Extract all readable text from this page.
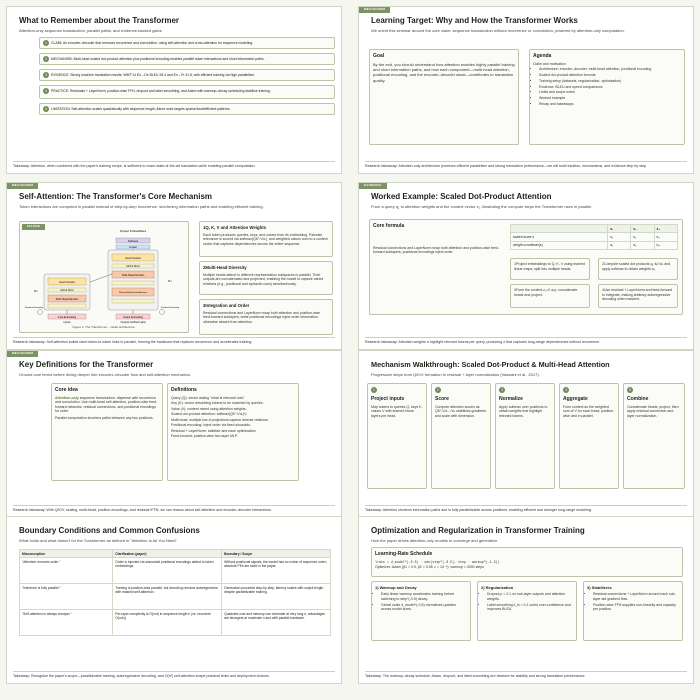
What to Remember about the Transformer
Attention-only sequence transduction, parallel paths, and evidence-backed gains
1 CLAIM: An encoder–decoder that removes recurrence and convolution, using self-attention and cross-attention for sequence modeling.
2 MECHANISM: Multi-head scaled dot-product attention plus positional encoding enables parallel token interactions and short information paths.
3 EVIDENCE: Strong machine translation results: WMT'14 En→De BLEU 28.4 and En→Fr 41.8, with efficient training via high parallelism.
4 PRACTICE: Residuals + LayerNorm, position-wise FFN, dropout and label smoothing, and Adam with warmup–decay scheduling stabilize training.
5 LIMITATION: Self-attention scales quadratically with sequence length; future work targets sparse/local/efficient patterns.
Takeaway: Attention, when combined with the paper's training recipe, is sufficient to reach state-of-the-art translation while enabling parallel computation.
MECHANISM
Learning Target: Why and How the Transformer Works
We orient this seminar around the core claim: sequence transduction without recurrence or convolution, powered by attention-only computation.
Goal

By the end, you should understand how attention enables highly parallel training and short information paths, and how each component—multi-head attention, positional encoding, and the encoder–decoder stack—contributes to translation quality.

Agenda

Claim and motivation

• Architecture: encoder–decoder, multi-head attention, positional encoding
• Scaled dot-product attention formula
• Training setup (datasets, regularization, optimization)
• Evidence: BLEU and speed comparisons
• Limits and scope notes
• Worked example
• Recap and takeaways
Research takeaway: Attention-only architecture promises efficient parallelism and strong translation performance—we will build intuition, mechanisms, and evidence step by step.
MECHANISM
Self-Attention: The Transformer's Core Mechanism
Token interactions are computed in parallel instead of step-by-step recurrence, shortening information paths and enabling efficient training.
FIGURE
Output Probabilities
Softmax
Linear
Feed Forward
Add & Norm
Multi-Head Attention
Masked Multi-Head Attention
Feed Forward
Add & Norm
Multi-Head Attention
Input Embedding	Output Embedding
Inputs	Outputs (shifted right)
N×
N×
Positional Encoding	Positional Encoding
Figure 1: The Transformer - model architecture.
1Q, K, V and Attention Weights

Each token produces queries, keys, and values from its embedding. Pairwise relevance is scored via softmax(QKᵀ/√dₖ), and weighted values sum to a context vector that captures dependencies across the entire sequence.

2Multi-Head Diversity

Multiple heads attend in different representation subspaces in parallel. Their outputs are concatenated and projected, enabling the model to capture varied relations (e.g., positional and syntactic cues) simultaneously.

3Integration and Order

Residual connections and LayerNorm wrap both attention and position-wise feed-forward sublayers, while positional encodings inject order information otherwise absent from attention.

Research takeaway: Self-attention builds rated token-to-token links in parallel, forming the backbone that replaces recurrence and accelerates training.
EVIDENCE
Worked Example: Scaled Dot-Product Attention
From a query q₁ to attention weights and the context vector z₁, illustrating the compute steps the Transformer uses in parallel.
Core formula

Residual connections and LayerNorm wrap both attention and position-wise feed-forward sublayers; positional encodings inject order.

	x₁	x₂	x₃
scaled score s	s₁	s₂	s₃
weight α=softmax(s)	α₁	α₂	α₃

1Project embeddings to Q, K, V using learned linear maps; split into multiple heads.

2Compute scaled dot products q₁·kⱼ/√dₖ and apply softmax to obtain weights αⱼ.

3Form the context z₁=Σ αⱼvⱼ; concatenate heads and project.

4Use residual + LayerNorm and feed-forward to integrate, making arbitrary autoregressive decoding when masked.

Research takeaway: Attention weights α highlight relevant tokens per query, producing z that captures long-range dependencies without recurrence.
MECHANISM
Key Definitions for the Transformer
Ground core terms before diving deeper into encoder–decoder flow and self-attention mechanics.
Core idea

Attention-only sequence transduction: dispense with recurrence and convolution. Use multi-head self-attention, position-wise feed-forward networks, residual connections, and positional encodings for order.

Parallel computation shortens paths between any two positions.

Definitions

Query (Q): vector asking "what is relevant now".

Key (K): vector describing tokens to be matched by queries.

Value (V): content mixed using attention weights.

Scaled dot-product attention: softmax(QKᵀ/√dₖ)V.

Multi-head: multiple low-d projections capture diverse relations.

Positional encoding: inject order via fixed sinusoids.

Residual + LayerNorm: stabilize and ease optimization.

Feed-forward: position-wise two-layer MLP.

Research takeaway: With Q/K/V, scaling, multi-head, position encodings, and residual+FFN, we can reason about self-attention and encoder–decoder interactions.
Mechanism Walkthrough: Scaled Dot-Product & Multi-Head Attention
Progressive steps from Q/K/V formation to residual + layer normalization (Vaswani et al., 2017).
1
Project inputs

Map tokens to queries Q, keys K, values V with learned linear layers per head.

2
Score

Compute attention scores as QKᵀ/√dₖ; √dₖ stabilizes gradients and scale with dimension.

3
Normalize

Apply softmax over positions to obtain weights that highlight relevant tokens.

4
Aggregate

Form context as the weighted sum of V for each head; position-wise and in parallel.

5
Combine

Concatenate heads, project, then apply residual connection and layer normalization.

Takeaway: Attention shortens information paths and is fully parallelizable across positions, enabling efficient and stronger long-range modeling.
Boundary Conditions and Common Confusions
What holds and what doesn't for the Transformer as defined in "Attention Is All You Need"
Misconception	Clarification (paper)	Boundary / Scope
"Attention removes order."	Order is injected via sinusoidal positional encodings added to token embeddings.	Without positional signals, the model has no notion of sequence order; absolute PEs are used in the paper.
"Inference is fully parallel."	Training is position-wise parallel, but decoding remains autoregressive with masked self-attention.	Generation proceeds step-by-step; latency scales with output length despite parallelizable training.
"Self-attention is always cheaper."	Per-layer complexity is O(n²d) in sequence length n (vs. recurrent O(nd²)).	Quadratic cost and memory can dominate at very long n; advantages are strongest at moderate n and with parallel hardware.
Takeaway: Recognize the paper's scope—parallelizable training, autoregressive decoding, and O(n²) self-attention shape practical limits and deployment choices.
Optimization and Regularization in Transformer Training
How the paper drives attention-only models to converge and generalize
Learning-Rate Schedule
lrate = d_model^(-0.5) · min(step^(-0.5), step · warmup^(-1.5))

Optimizer: Adam (β1 = 0.9, β2 = 0.98, ε = 10⁻⁹); warmup = 4000 steps

1) Warmup and Decay
• Early linear warmup accelerates training before switching to step^(-0.5) decay.
• Global scale d_model^(-0.5) normalizes updates across model sizes.
2) Regularization
• Dropout p = 0.1 on sub-layer outputs and attention weights.
• Label smoothing ε_ls = 0.1 curbs over-confidence and improves BLEU.
3) Stabilizers
• Residual connections + LayerNorm around each sub-layer aid gradient flow.
• Position-wise FFN supplies non-linearity and capacity per position.
Takeaway: The warmup–decay schedule, Adam, dropout, and label smoothing are decisive for stability and strong translation performance.
